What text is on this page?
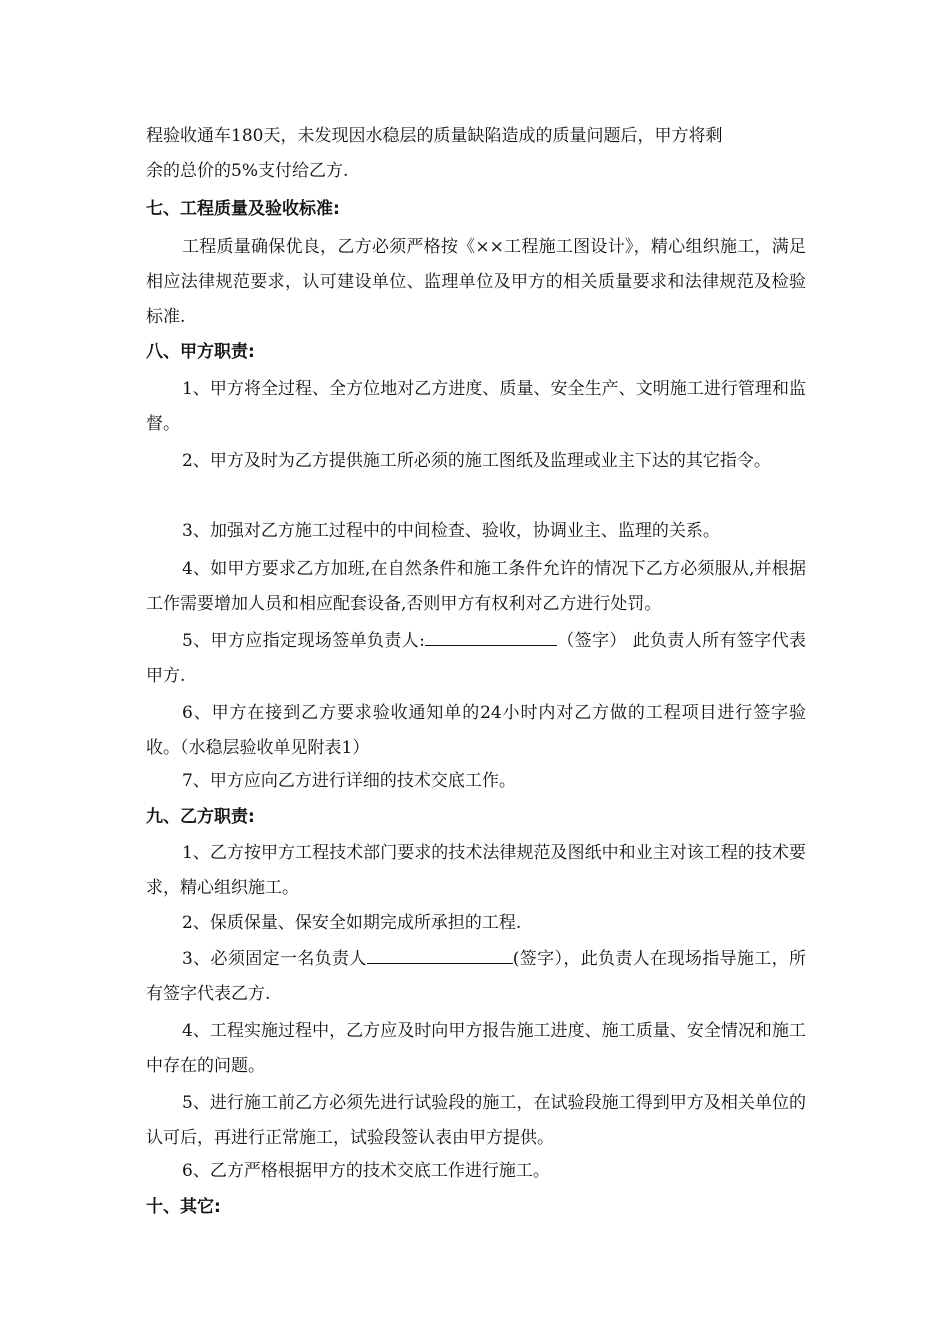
程验收通车180天，未发现因水稳层的质量缺陷造成的质量问题后，甲方将剩

余的总价的5%支付给乙方.

七、工程质量及验收标准:

工程质量确保优良，乙方必须严格按《××工程施工图设计》，精心组织施工，满足相应法律规范要求，认可建设单位、监理单位及甲方的相关质量要求和法律规范及检验标准.

八、甲方职责:

1、甲方将全过程、全方位地对乙方进度、质量、安全生产、文明施工进行管理和监督。

2、甲方及时为乙方提供施工所必须的施工图纸及监理或业主下达的其它指令。

3、加强对乙方施工过程中的中间检查、验收，协调业主、监理的关系。

4、如甲方要求乙方加班,在自然条件和施工条件允许的情况下乙方必须服从,并根据工作需要增加人员和相应配套设备,否则甲方有权利对乙方进行处罚。

5、甲方应指定现场签单负责人:	（签字） 此负责人所有签字代表甲方.

6、甲方在接到乙方要求验收通知单的24小时内对乙方做的工程项目进行签字验收。（水稳层验收单见附表1）

7、甲方应向乙方进行详细的技术交底工作。

九、乙方职责:

1、乙方按甲方工程技术部门要求的技术法律规范及图纸中和业主对该工程的技术要求，精心组织施工。

2、保质保量、保安全如期完成所承担的工程.

3、必须固定一名负责人	(签字），此负责人在现场指导施工，所有签字代表乙方.

4、工程实施过程中，乙方应及时向甲方报告施工进度、施工质量、安全情况和施工中存在的问题。

5、进行施工前乙方必须先进行试验段的施工，在试验段施工得到甲方及相关单位的认可后，再进行正常施工，试验段签认表由甲方提供。

6、乙方严格根据甲方的技术交底工作进行施工。

十、其它:
